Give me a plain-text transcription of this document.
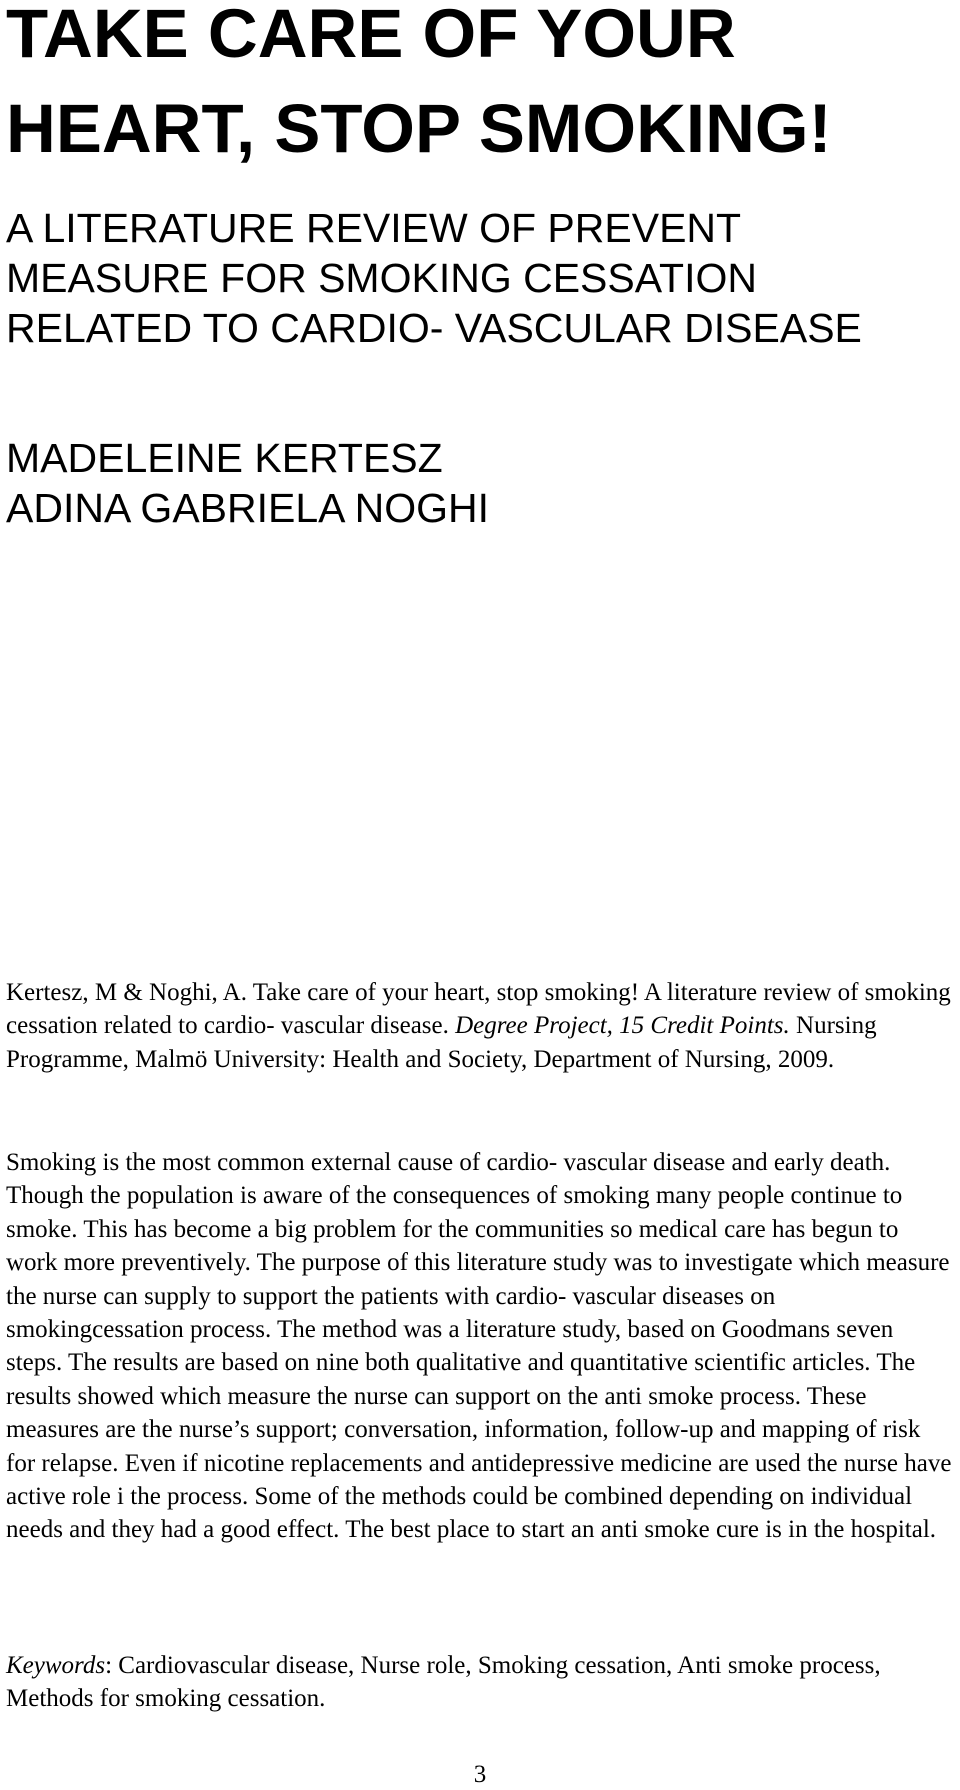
TAKE CARE OF YOUR HEART, STOP SMOKING!
A LITERATURE REVIEW OF PREVENT MEASURE FOR SMOKING CESSATION RELATED TO CARDIO- VASCULAR DISEASE
MADELEINE KERTESZ
ADINA GABRIELA NOGHI

Kertesz, M & Noghi, A. Take care of your heart, stop smoking! A literature review of smoking cessation related to cardio- vascular disease. Degree Project, 15 Credit Points. Nursing Programme, Malmö University: Health and Society, Department of Nursing, 2009.

Smoking is the most common external cause of cardio- vascular disease and early death. Though the population is aware of the consequences of smoking many people continue to smoke. This has become a big problem for the communities so medical care has begun to work more preventively. The purpose of this literature study was to investigate which measure the nurse can supply to support the patients with cardio- vascular diseases on smokingcessation process. The method was a literature study, based on Goodmans seven steps. The results are based on nine both qualitative and quantitative scientific articles. The results showed which measure the nurse can support on the anti smoke process. These measures are the nurse’s support; conversation, information, follow-up and mapping of risk for relapse. Even if nicotine replacements and antidepressive medicine are used the nurse have active role i the process. Some of the methods could be combined depending on individual needs and they had a good effect. The best place to start an anti smoke cure is in the hospital.

Keywords: Cardiovascular disease, Nurse role, Smoking cessation, Anti smoke process, Methods for smoking cessation.

3
